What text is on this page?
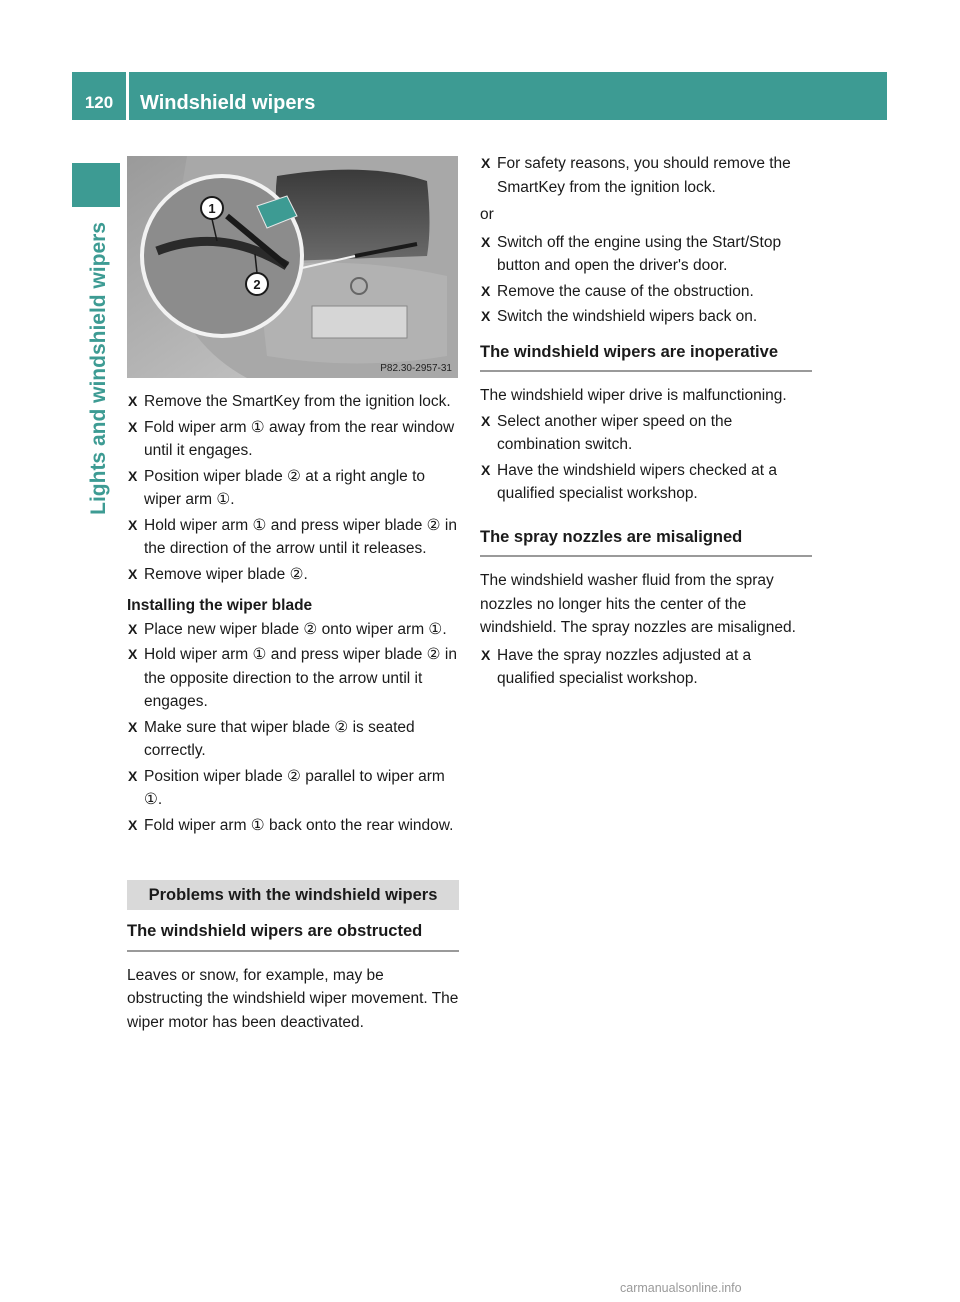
120	Windshield wipers
Lights and windshield wipers
1
2
P82.30-2957-31

X Remove the SmartKey from the ignition lock.

X Fold wiper arm ① away from the rear window until it engages.

X Position wiper blade ② at a right angle to wiper arm ①.

X Hold wiper arm ① and press wiper blade ② in the direction of the arrow until it releases.

X Remove wiper blade ②.

Installing the wiper blade

X Place new wiper blade ② onto wiper arm ①.

X Hold wiper arm ① and press wiper blade ② in the opposite direction to the arrow until it engages.

X Make sure that wiper blade ② is seated correctly.

X Position wiper blade ② parallel to wiper arm ①.

X Fold wiper arm ① back onto the rear window.

Problems with the windshield wipers
The windshield wipers are obstructed

Leaves or snow, for example, may be obstructing the windshield wiper movement. The wiper motor has been deactivated.

X For safety reasons, you should remove the SmartKey from the ignition lock.

or

X Switch off the engine using the Start/Stop button and open the driver's door.

X Remove the cause of the obstruction.

X Switch the windshield wipers back on.

The windshield wipers are inoperative

The windshield wiper drive is malfunctioning.

X Select another wiper speed on the combination switch.

X Have the windshield wipers checked at a qualified specialist workshop.

The spray nozzles are misaligned

The windshield washer fluid from the spray nozzles no longer hits the center of the windshield. The spray nozzles are misaligned.

X Have the spray nozzles adjusted at a qualified specialist workshop.

carmanualsonline.info
